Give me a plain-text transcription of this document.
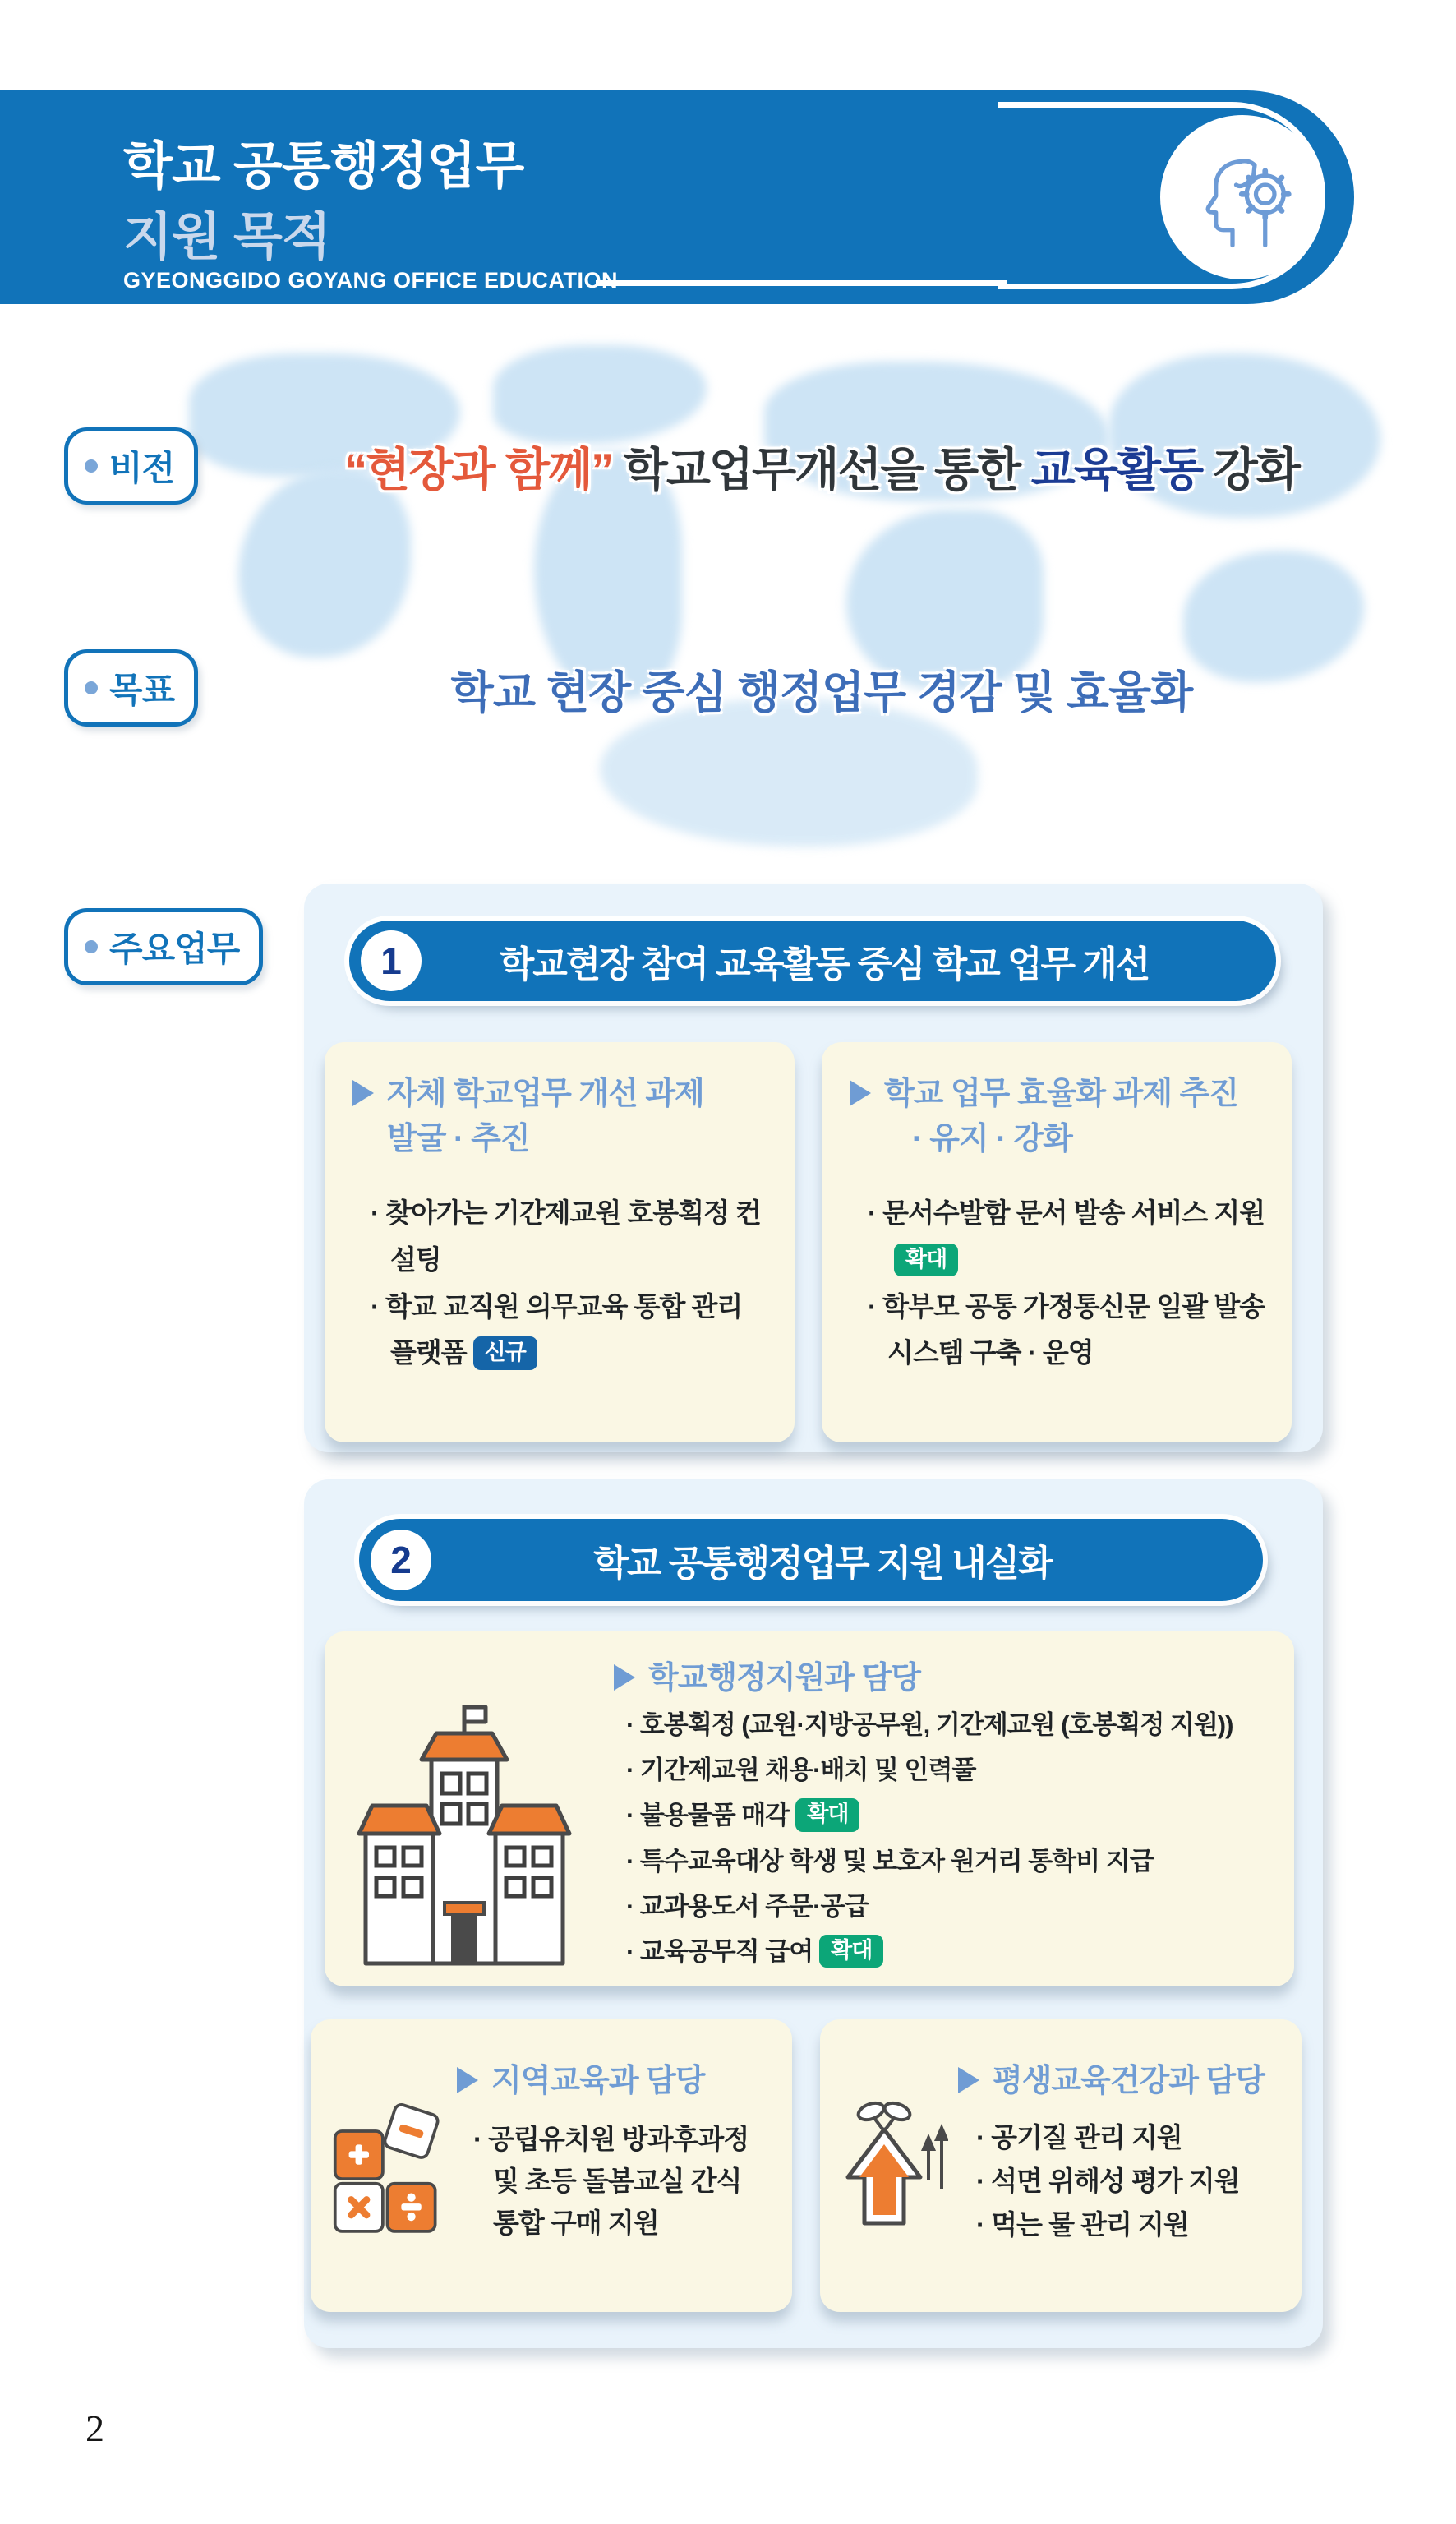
학교 공통행정업무
지원 목적
GYEONGGIDO GOYANG OFFICE EDUCATION
비전	“현장과 함께” 학교업무개선을 통한 교육활동 강화
목표	학교 현장 중심 행정업무 경감 및 효율화
주요업무	1	학교현장 참여 교육활동 중심 학교 업무 개선
자체 학교업무 개선 과제
발굴 · 추진
· 찾아가는 기간제교원 호봉획정 컨설팅
· 학교 교직원 의무교육 통합 관리 플랫폼 신규
학교 업무 효율화 과제 추진
· 유지 · 강화
· 문서수발함 문서 발송 서비스 지원확대
· 학부모 공통 가정통신문 일괄 발송 시스템 구축 · 운영
2	학교 공통행정업무 지원 내실화
학교행정지원과 담당
· 호봉획정 (교원·지방공무원, 기간제교원 (호봉획정 지원))
· 기간제교원 채용·배치 및 인력풀
· 불용물품 매각 확대
· 특수교육대상 학생 및 보호자 원거리 통학비 지급
· 교과용도서 주문·공급
· 교육공무직 급여 확대
지역교육과 담당
· 공립유치원 방과후과정 및 초등 돌봄교실 간식 통합 구매 지원
평생교육건강과 담당
· 공기질 관리 지원
· 석면 위해성 평가 지원
· 먹는 물 관리 지원
2
